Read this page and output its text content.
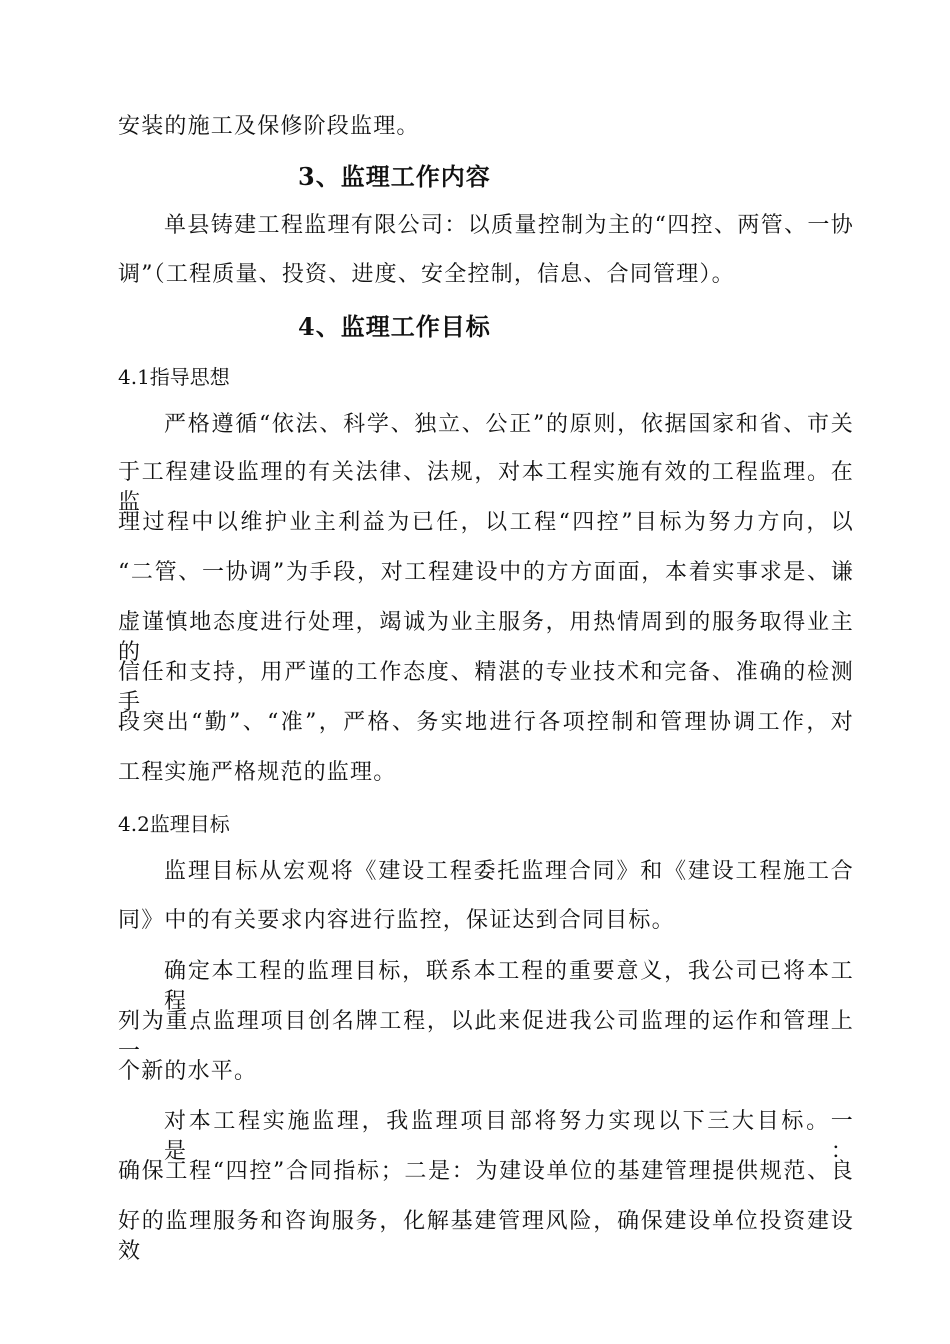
安装的施工及保修阶段监理。
3、监理工作内容
单县铸建工程监理有限公司：以质量控制为主的“四控、两管、一协
调”（工程质量、投资、进度、安全控制，信息、合同管理）。
4、监理工作目标
4.1指导思想
严格遵循“依法、科学、独立、公正”的原则，依据国家和省、市关
于工程建设监理的有关法律、法规，对本工程实施有效的工程监理。在监
理过程中以维护业主利益为已任，以工程“四控”目标为努力方向，以
“二管、一协调”为手段，对工程建设中的方方面面，本着实事求是、谦
虚谨慎地态度进行处理，竭诚为业主服务，用热情周到的服务取得业主的
信任和支持，用严谨的工作态度、精湛的专业技术和完备、准确的检测手
段突出“勤”、“准”，严格、务实地进行各项控制和管理协调工作，对
工程实施严格规范的监理。
4.2监理目标
监理目标从宏观将《建设工程委托监理合同》和《建设工程施工合
同》中的有关要求内容进行监控，保证达到合同目标。
确定本工程的监理目标，联系本工程的重要意义，我公司已将本工程
列为重点监理项目创名牌工程，以此来促进我公司监理的运作和管理上一
个新的水平。
对本工程实施监理，我监理项目部将努力实现以下三大目标。一是：
确保工程“四控”合同指标；二是：为建设单位的基建管理提供规范、良
好的监理服务和咨询服务，化解基建管理风险，确保建设单位投资建设效
